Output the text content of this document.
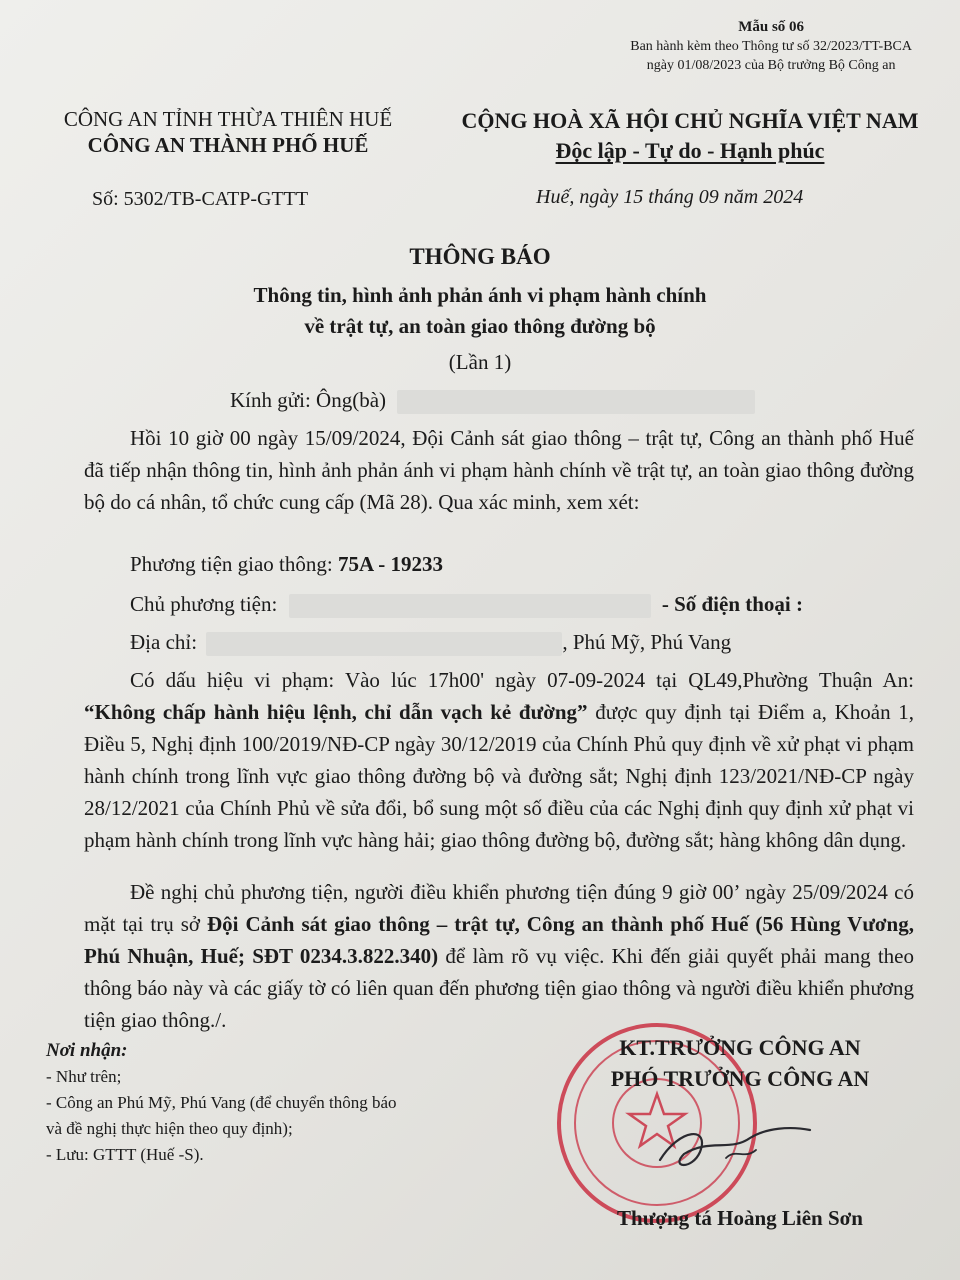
Mẫu số 06
Ban hành kèm theo Thông tư số 32/2023/TT-BCA
ngày 01/08/2023 của Bộ trưởng Bộ Công an
CÔNG AN TỈNH THỪA THIÊN HUẾ
CÔNG AN THÀNH PHỐ HUẾ
CỘNG HOÀ XÃ HỘI CHỦ NGHĨA VIỆT NAM
Độc lập - Tự do - Hạnh phúc
Số: 5302/TB-CATP-GTTT	Huế, ngày 15 tháng 09 năm 2024
THÔNG BÁO
Thông tin, hình ảnh phản ánh vi phạm hành chính
về trật tự, an toàn giao thông đường bộ
(Lần 1)
Kính gửi: Ông(bà)
Hồi 10 giờ 00 ngày 15/09/2024, Đội Cảnh sát giao thông – trật tự, Công an thành phố Huế đã tiếp nhận thông tin, hình ảnh phản ánh vi phạm hành chính về trật tự, an toàn giao thông đường bộ do cá nhân, tổ chức cung cấp (Mã 28). Qua xác minh, xem xét:
Phương tiện giao thông: 75A - 19233
Chủ phương tiện:	- Số điện thoại :
Địa chỉ:	, Phú Mỹ, Phú Vang
Có dấu hiệu vi phạm: Vào lúc 17h00' ngày 07-09-2024 tại QL49,Phường Thuận An: “Không chấp hành hiệu lệnh, chỉ dẫn vạch kẻ đường” được quy định tại Điểm a, Khoản 1, Điều 5, Nghị định 100/2019/NĐ-CP ngày 30/12/2019 của Chính Phủ quy định về xử phạt vi phạm hành chính trong lĩnh vực giao thông đường bộ và đường sắt; Nghị định 123/2021/NĐ-CP ngày 28/12/2021 của Chính Phủ về sửa đổi, bổ sung một số điều của các Nghị định quy định xử phạt vi phạm hành chính trong lĩnh vực hàng hải; giao thông đường bộ, đường sắt; hàng không dân dụng.
Đề nghị chủ phương tiện, người điều khiển phương tiện đúng 9 giờ 00’ ngày 25/09/2024 có mặt tại trụ sở Đội Cảnh sát giao thông – trật tự, Công an thành phố Huế (56 Hùng Vương, Phú Nhuận, Huế; SĐT 0234.3.822.340) để làm rõ vụ việc. Khi đến giải quyết phải mang theo thông báo này và các giấy tờ có liên quan đến phương tiện giao thông và người điều khiển phương tiện giao thông./.
Nơi nhận:
- Như trên;
- Công an Phú Mỹ, Phú Vang (để chuyển thông báo
và đề nghị thực hiện theo quy định);
- Lưu: GTTT (Huế -S).
KT.TRƯỞNG CÔNG AN
PHÓ TRƯỞNG CÔNG AN
Thượng tá Hoàng Liên Sơn
